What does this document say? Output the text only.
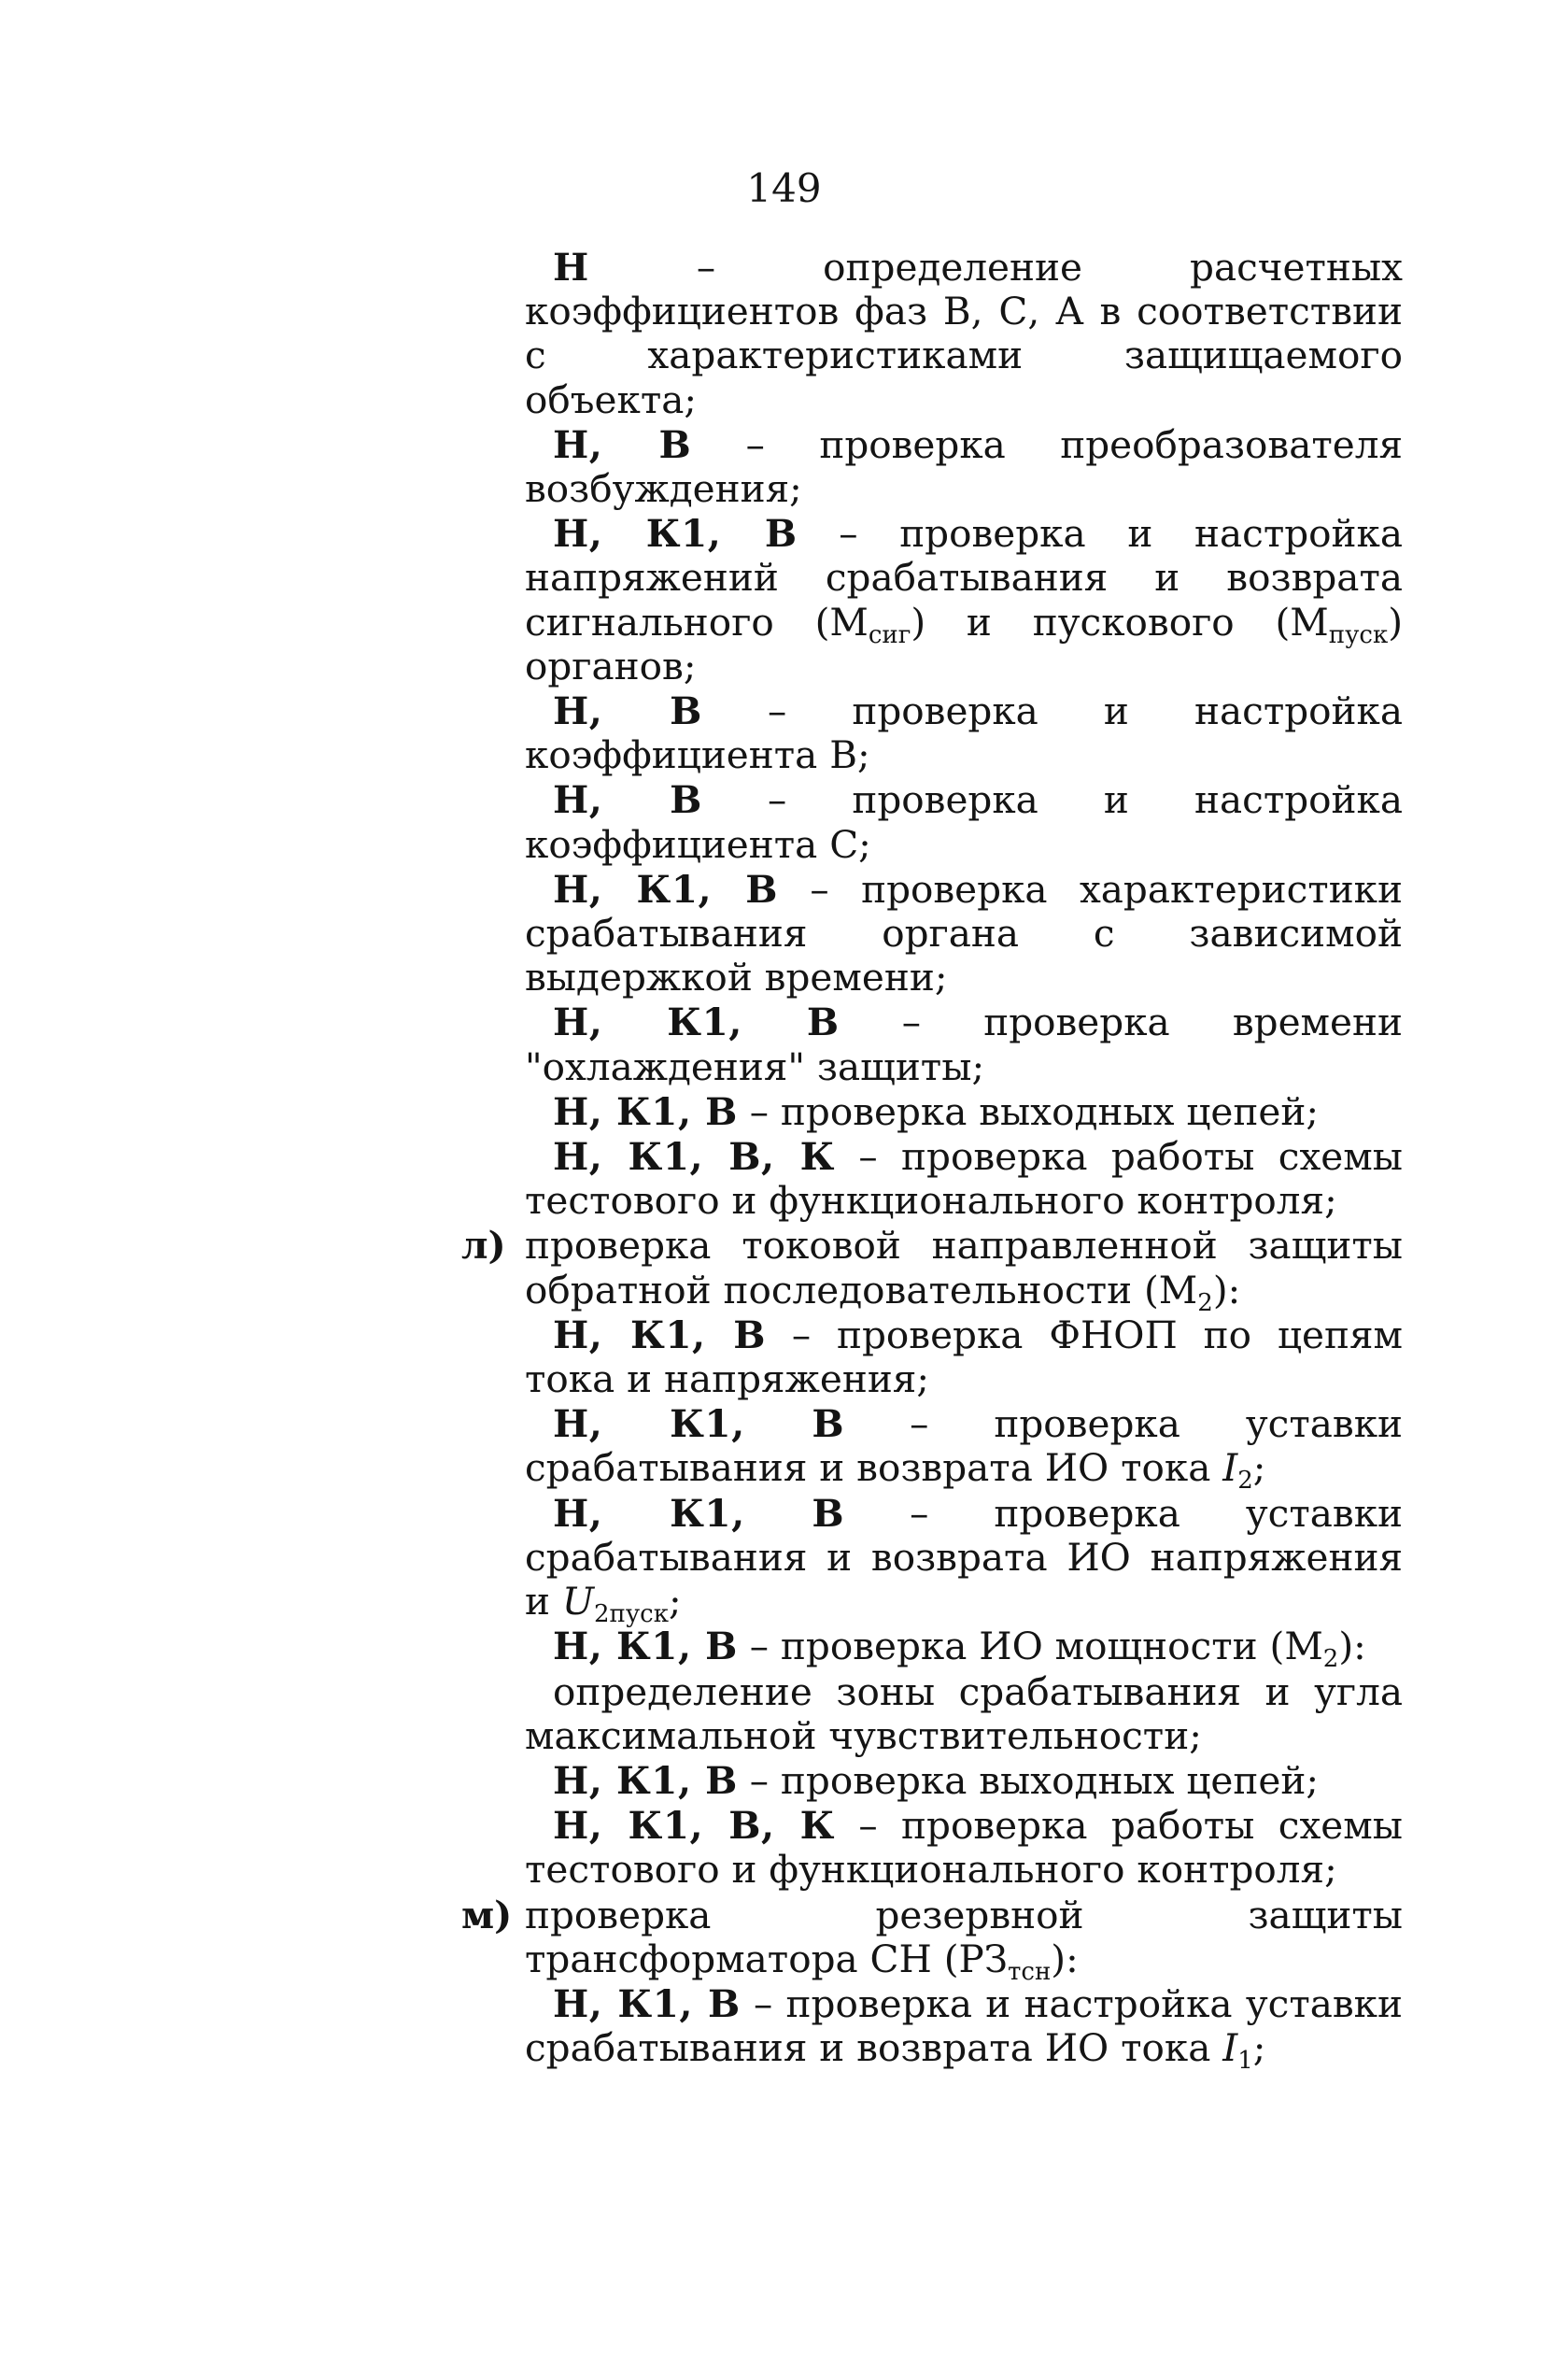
149

Н – определение расчетных коэффициентов фаз В, С, А в соответствии с характеристиками защищаемого объекта;

Н, В – проверка преобразователя возбуждения;

Н, К1, В – проверка и настройка напряжений срабатывания и возврата сигнального $(М_{сиг})$ и пускового $(М_{пуск})$ органов;

Н, В – проверка и настройка коэффициента В;

Н, В – проверка и настройка коэффициента С;

Н, К1, В – проверка характеристики срабатывания органа с зависимой выдержкой времени;

Н, К1, В – проверка времени "охлаждения" защиты;

Н, К1, В – проверка выходных цепей;

Н, К1, В, К – проверка работы схемы тестового и функционального контроля;

л) проверка токовой направленной защиты обратной последовательности $(М_2)$:

Н, К1, В – проверка ФНОП по цепям тока и напряжения;

Н, К1, В – проверка уставки срабатывания и возврата ИО тока $I_2$;

Н, К1, В – проверка уставки срабатывания и возврата ИО напряжения и $U_{2пуск}$;

Н, К1, В – проверка ИО мощности $(М_2)$:

определение зоны срабатывания и угла максимальной чувствительности;

Н, К1, В – проверка выходных цепей;

Н, К1, В, К – проверка работы схемы тестового и функционального контроля;

м) проверка резервной защиты трансформатора СН $(РЗ_{тсн})$:

Н, К1, В – проверка и настройка уставки срабатывания и возврата ИО тока $I_1$;
